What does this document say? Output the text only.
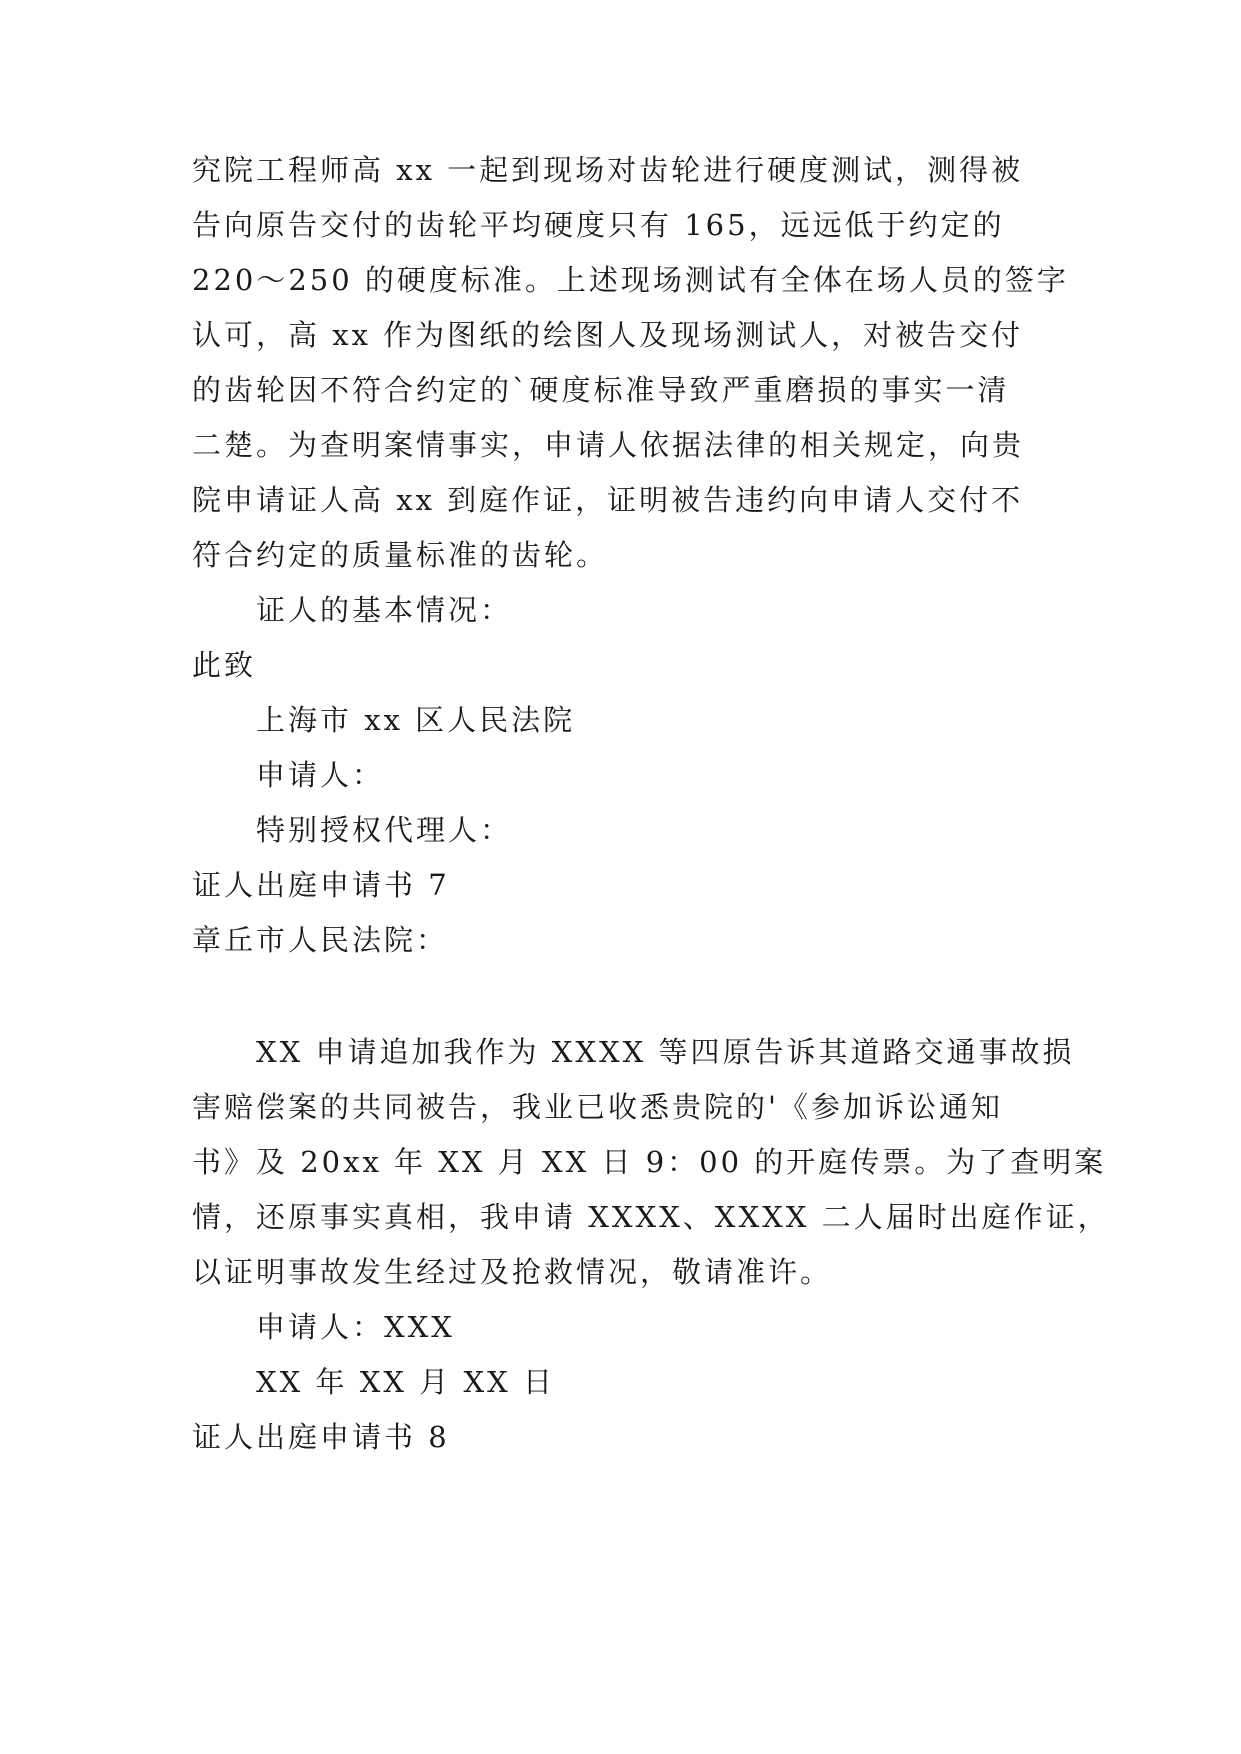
究院工程师高 xx 一起到现场对齿轮进行硬度测试，测得被
告向原告交付的齿轮平均硬度只有 165，远远低于约定的
220～250 的硬度标准。上述现场测试有全体在场人员的签字
认可，高 xx 作为图纸的绘图人及现场测试人，对被告交付
的齿轮因不符合约定的`硬度标准导致严重磨损的事实一清
二楚。为查明案情事实，申请人依据法律的相关规定，向贵
院申请证人高 xx 到庭作证，证明被告违约向申请人交付不
符合约定的质量标准的齿轮。
证人的基本情况：
此致
上海市 xx 区人民法院
申请人：
特别授权代理人：
证人出庭申请书 7
章丘市人民法院：
XX 申请追加我作为 XXXX 等四原告诉其道路交通事故损
害赔偿案的共同被告，我业已收悉贵院的'《参加诉讼通知
书》及 20xx 年 XX 月 XX 日 9：00 的开庭传票。为了查明案
情，还原事实真相，我申请 XXXX、XXXX 二人届时出庭作证，
以证明事故发生经过及抢救情况，敬请准许。
申请人：XXX
XX 年 XX 月 XX 日
证人出庭申请书 8
